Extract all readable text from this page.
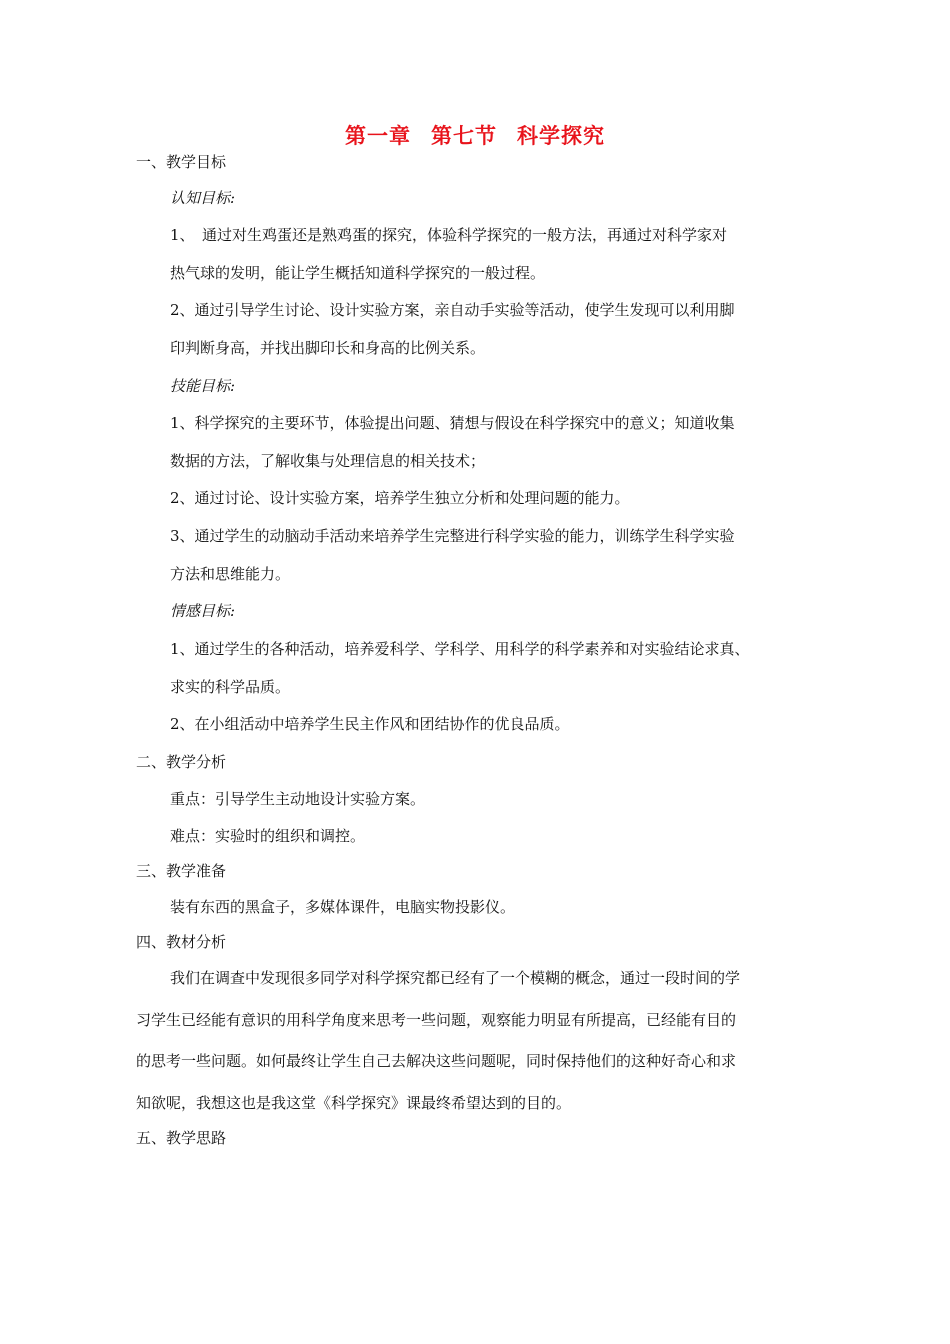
第一章 第七节 科学探究
一、教学目标
认知目标:
1、　通过对生鸡蛋还是熟鸡蛋的探究，体验科学探究的一般方法，再通过对科学家对
热气球的发明，能让学生概括知道科学探究的一般过程。
2、通过引导学生讨论、设计实验方案，亲自动手实验等活动，使学生发现可以利用脚
印判断身高，并找出脚印长和身高的比例关系。
技能目标:
1、科学探究的主要环节，体验提出问题、猜想与假设在科学探究中的意义；知道收集
数据的方法，了解收集与处理信息的相关技术；
2、通过讨论、设计实验方案，培养学生独立分析和处理问题的能力。
3、通过学生的动脑动手活动来培养学生完整进行科学实验的能力，训练学生科学实验
方法和思维能力。
情感目标:
1、通过学生的各种活动，培养爱科学、学科学、用科学的科学素养和对实验结论求真、
求实的科学品质。
2、在小组活动中培养学生民主作风和团结协作的优良品质。
二、教学分析
重点：引导学生主动地设计实验方案。
难点：实验时的组织和调控。
三、教学准备
装有东西的黑盒子，多媒体课件，电脑实物投影仪。
四、教材分析
我们在调查中发现很多同学对科学探究都已经有了一个模糊的概念，通过一段时间的学
习学生已经能有意识的用科学角度来思考一些问题，观察能力明显有所提高，已经能有目的
的思考一些问题。如何最终让学生自己去解决这些问题呢，同时保持他们的这种好奇心和求
知欲呢，我想这也是我这堂《科学探究》课最终希望达到的目的。
五、教学思路
